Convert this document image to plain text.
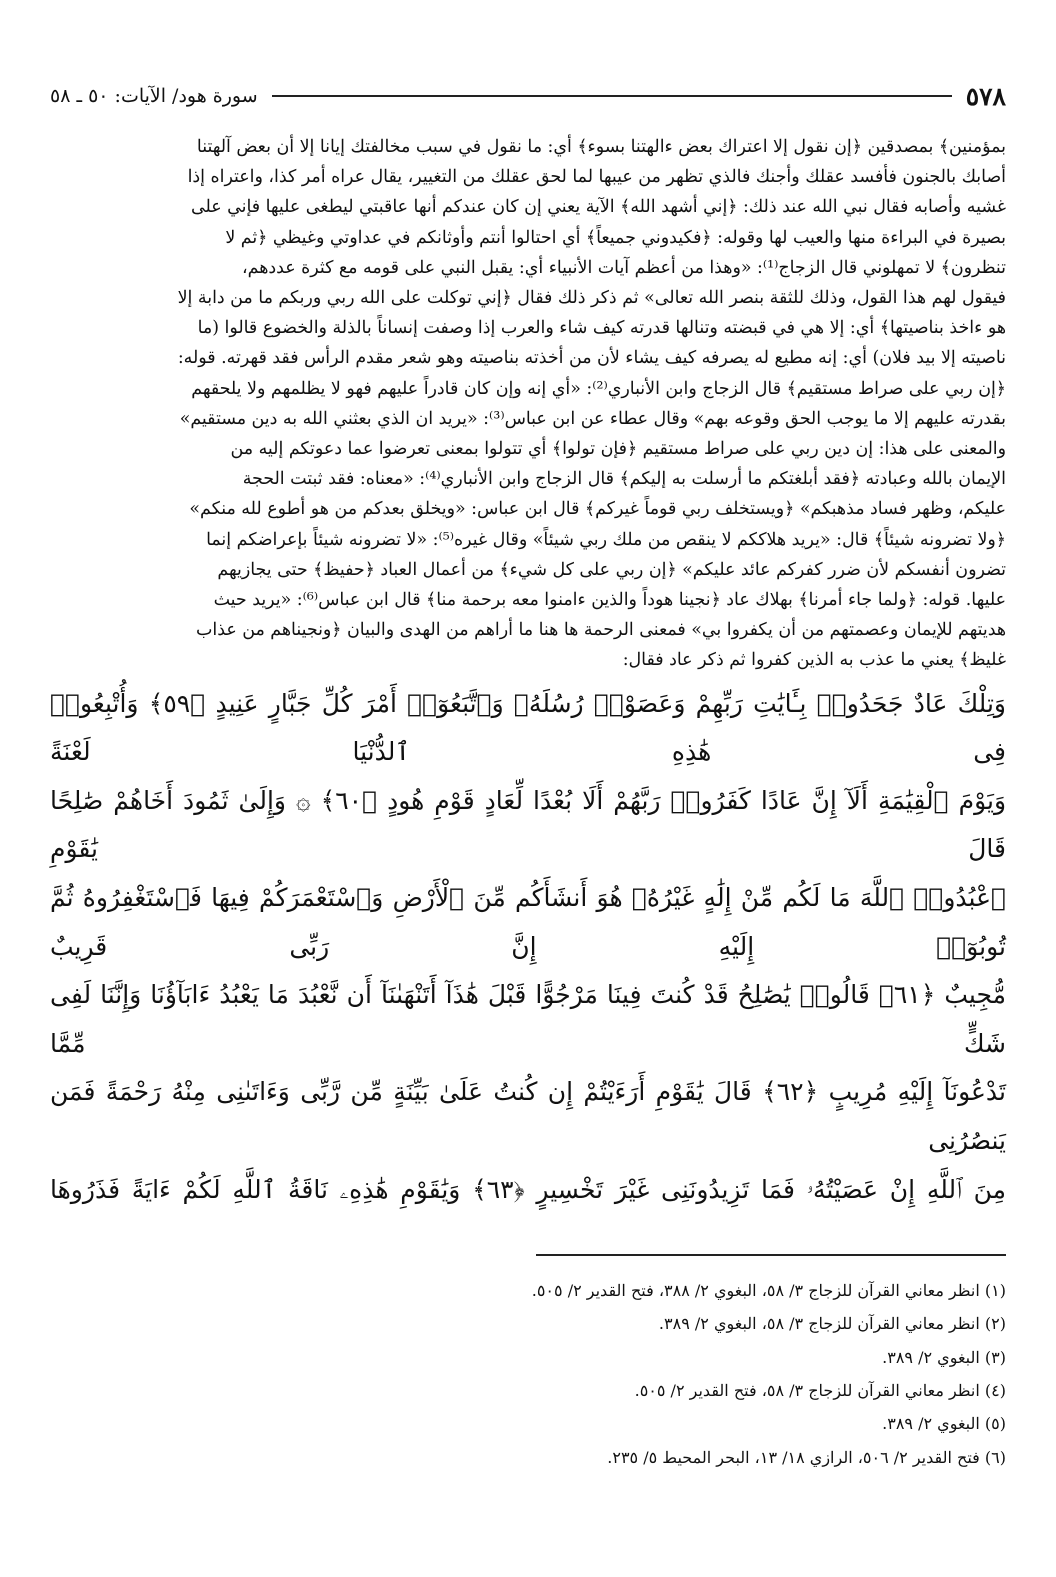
٥٧٨
سورة هود/ الآيات: ٥٠ ـ ٥٨
بمؤمنين﴾ بمصدقين ﴿إن نقول إلا اعتراك بعض ءالهتنا بسوء﴾ أي: ما نقول في سبب مخالفتك إيانا إلا أن بعض آلهتنا
أصابك بالجنون فأفسد عقلك وأجنك فالذي تظهر من عيبها لما لحق عقلك من التغيير، يقال عراه أمر كذا، واعتراه إذا
غشيه وأصابه فقال نبي الله عند ذلك: ﴿إني أشهد الله﴾ الآية يعني إن كان عندكم أنها عاقبتي ليطغى عليها فإني على
بصيرة في البراءة منها والعيب لها وقوله: ﴿فكيدوني جميعاً﴾ أي احتالوا أنتم وأوثانكم في عداوتي وغيظي ﴿ثم لا
تنظرون﴾ لا تمهلوني قال الزجاج⁽¹⁾: «وهذا من أعظم آيات الأنبياء أي: يقبل النبي على قومه مع كثرة عددهم،
فيقول لهم هذا القول، وذلك للثقة بنصر الله تعالى» ثم ذكر ذلك فقال ﴿إني توكلت على الله ربي وربكم ما من دابة إلا
هو ءاخذ بناصيتها﴾ أي: إلا هي في قبضته وتنالها قدرته كيف شاء والعرب إذا وصفت إنساناً بالذلة والخضوع قالوا (ما
ناصيته إلا بيد فلان) أي: إنه مطيع له يصرفه كيف يشاء لأن من أخذته بناصيته وهو شعر مقدم الرأس فقد قهرته. قوله:
﴿إن ربي على صراط مستقيم﴾ قال الزجاج وابن الأنباري⁽²⁾: «أي إنه وإن كان قادراً عليهم فهو لا يظلمهم ولا يلحقهم
بقدرته عليهم إلا ما يوجب الحق وقوعه بهم» وقال عطاء عن ابن عباس⁽³⁾: «يريد ان الذي بعثني الله به دين مستقيم»
والمعنى على هذا: إن دين ربي على صراط مستقيم ﴿فإن تولوا﴾ أي تتولوا بمعنى تعرضوا عما دعوتكم إليه من
الإيمان بالله وعبادته ﴿فقد أبلغتكم ما أرسلت به إليكم﴾ قال الزجاج وابن الأنباري⁽⁴⁾: «معناه: فقد ثبتت الحجة
عليكم، وظهر فساد مذهبكم» ﴿ويستخلف ربي قوماً غيركم﴾ قال ابن عباس: «ويخلق بعدكم من هو أطوع لله منكم»
﴿ولا تضرونه شيئاً﴾ قال: «يريد هلاككم لا ينقص من ملك ربي شيئاً» وقال غيره⁽⁵⁾: «لا تضرونه شيئاً بإعراضكم إنما
تضرون أنفسكم لأن ضرر كفركم عائد عليكم» ﴿إن ربي على كل شيء﴾ من أعمال العباد ﴿حفيظ﴾ حتى يجازيهم
عليها. قوله: ﴿ولما جاء أمرنا﴾ بهلاك عاد ﴿نجينا هوداً والذين ءامنوا معه برحمة منا﴾ قال ابن عباس⁽⁶⁾: «يريد حيث
هديتهم للإيمان وعصمتهم من أن يكفروا بي» فمعنى الرحمة ها هنا ما أراهم من الهدى والبيان ﴿ونجيناهم من عذاب
غليظ﴾ يعني ما عذب به الذين كفروا ثم ذكر عاد فقال:
وَتِلْكَ عَادٌ جَحَدُوا۟ بِـَٔايَٰتِ رَبِّهِمْ وَعَصَوْا۟ رُسُلَهُۥ وَٱتَّبَعُوٓا۟ أَمْرَ كُلِّ جَبَّارٍ عَنِيدٍ ﴿٥٩﴾ وَأُتْبِعُوا۟ فِى هَٰذِهِ ٱلدُّنْيَا لَعْنَةً
وَيَوْمَ ٱلْقِيَٰمَةِ أَلَآ إِنَّ عَادًا كَفَرُوا۟ رَبَّهُمْ أَلَا بُعْدًا لِّعَادٍ قَوْمِ هُودٍ ﴿٦٠﴾ ۞ وَإِلَىٰ ثَمُودَ أَخَاهُمْ صَٰلِحًا قَالَ يَٰقَوْمِ
ٱعْبُدُوا۟ ٱللَّهَ مَا لَكُم مِّنْ إِلَٰهٍ غَيْرُهُۥ هُوَ أَنشَأَكُم مِّنَ ٱلْأَرْضِ وَٱسْتَعْمَرَكُمْ فِيهَا فَٱسْتَغْفِرُوهُ ثُمَّ تُوبُوٓا۟ إِلَيْهِ إِنَّ رَبِّى قَرِيبٌ
مُّجِيبٌ ﴿٦١﴾ قَالُوا۟ يَٰصَٰلِحُ قَدْ كُنتَ فِينَا مَرْجُوًّا قَبْلَ هَٰذَآ أَتَنْهَىٰنَآ أَن نَّعْبُدَ مَا يَعْبُدُ ءَابَآؤُنَا وَإِنَّنَا لَفِى شَكٍّ مِّمَّا
تَدْعُونَآ إِلَيْهِ مُرِيبٍ ﴿٦٢﴾ قَالَ يَٰقَوْمِ أَرَءَيْتُمْ إِن كُنتُ عَلَىٰ بَيِّنَةٍ مِّن رَّبِّى وَءَاتَىٰنِى مِنْهُ رَحْمَةً فَمَن يَنصُرُنِى
مِنَ ٱللَّهِ إِنْ عَصَيْتُهُۥ فَمَا تَزِيدُونَنِى غَيْرَ تَخْسِيرٍ ﴿٦٣﴾ وَيَٰقَوْمِ هَٰذِهِۦ نَاقَةُ ٱللَّهِ لَكُمْ ءَايَةً فَذَرُوهَا
(١) انظر معاني القرآن للزجاج ٣/ ٥٨، البغوي ٢/ ٣٨٨، فتح القدير ٢/ ٥٠٥.
(٢) انظر معاني القرآن للزجاج ٣/ ٥٨، البغوي ٢/ ٣٨٩.
(٣) البغوي ٢/ ٣٨٩.
(٤) انظر معاني القرآن للزجاج ٣/ ٥٨، فتح القدير ٢/ ٥٠٥.
(٥) البغوي ٢/ ٣٨٩.
(٦) فتح القدير ٢/ ٥٠٦، الرازي ١٨/ ١٣، البحر المحيط ٥/ ٢٣٥.
